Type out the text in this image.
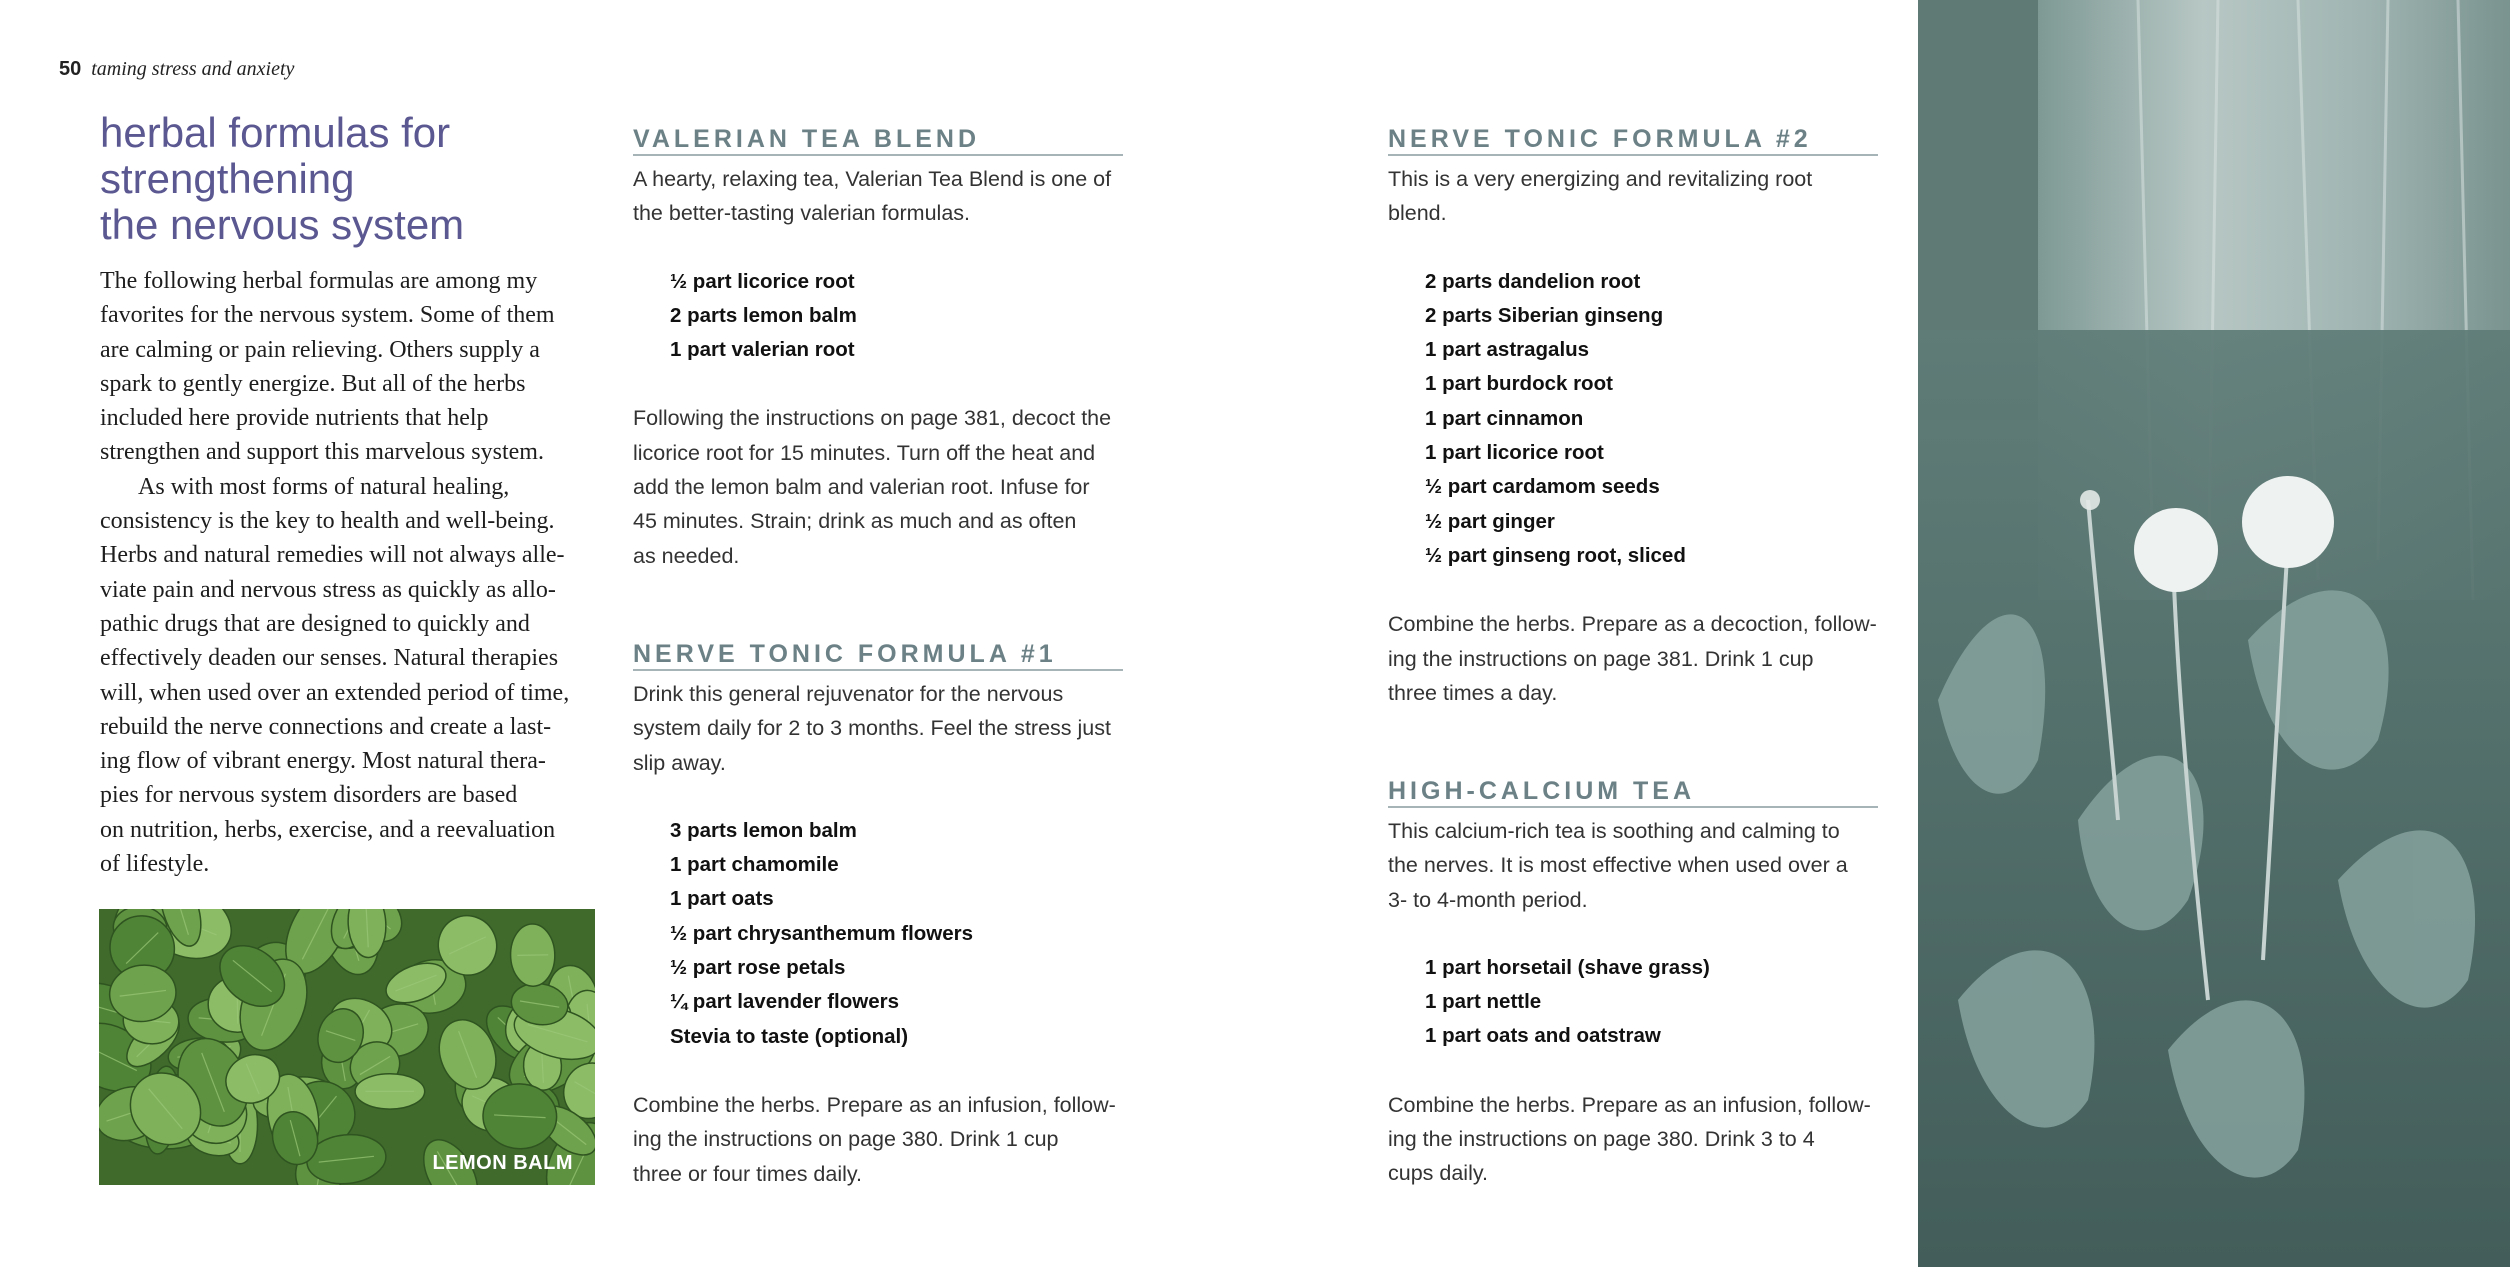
50 taming stress and anxiety
herbal formulas for
strengthening
the nervous system

The following herbal formulas are among my

favorites for the nervous system. Some of them

are calming or pain relieving. Others supply a

spark to gently energize. But all of the herbs

included here provide nutrients that help

strengthen and support this marvelous system.

As with most forms of natural healing,

consistency is the key to health and well-being.

Herbs and natural remedies will not always alle-

viate pain and nervous stress as quickly as allo-

pathic drugs that are designed to quickly and

effectively deaden our senses. Natural therapies

will, when used over an extended period of time,

rebuild the nerve connections and create a last-

ing flow of vibrant energy. Most natural thera-

pies for nervous system disorders are based

on nutrition, herbs, exercise, and a reevaluation

of lifestyle.

LEMON BALM
VALERIAN TEA BLEND

A hearty, relaxing tea, Valerian Tea Blend is one of

the better-tasting valerian formulas.

½ part licorice root
2 parts lemon balm
1 part valerian root

Following the instructions on page 381, decoct the

licorice root for 15 minutes. Turn off the heat and

add the lemon balm and valerian root. Infuse for

45 minutes. Strain; drink as much and as often

as needed.

NERVE TONIC FORMULA #1

Drink this general rejuvenator for the nervous

system daily for 2 to 3 months. Feel the stress just

slip away.

3 parts lemon balm
1 part chamomile
1 part oats
½ part chrysanthemum flowers
½ part rose petals
¼ part lavender flowers
Stevia to taste (optional)

Combine the herbs. Prepare as an infusion, follow-

ing the instructions on page 380. Drink 1 cup

three or four times daily.

NERVE TONIC FORMULA #2

This is a very energizing and revitalizing root

blend.

2 parts dandelion root
2 parts Siberian ginseng
1 part astragalus
1 part burdock root
1 part cinnamon
1 part licorice root
½ part cardamom seeds
½ part ginger
½ part ginseng root, sliced

Combine the herbs. Prepare as a decoction, follow-

ing the instructions on page 381. Drink 1 cup

three times a day.

HIGH-CALCIUM TEA

This calcium-rich tea is soothing and calming to

the nerves. It is most effective when used over a

3- to 4-month period.

1 part horsetail (shave grass)
1 part nettle
1 part oats and oatstraw

Combine the herbs. Prepare as an infusion, follow-

ing the instructions on page 380. Drink 3 to 4

cups daily.
